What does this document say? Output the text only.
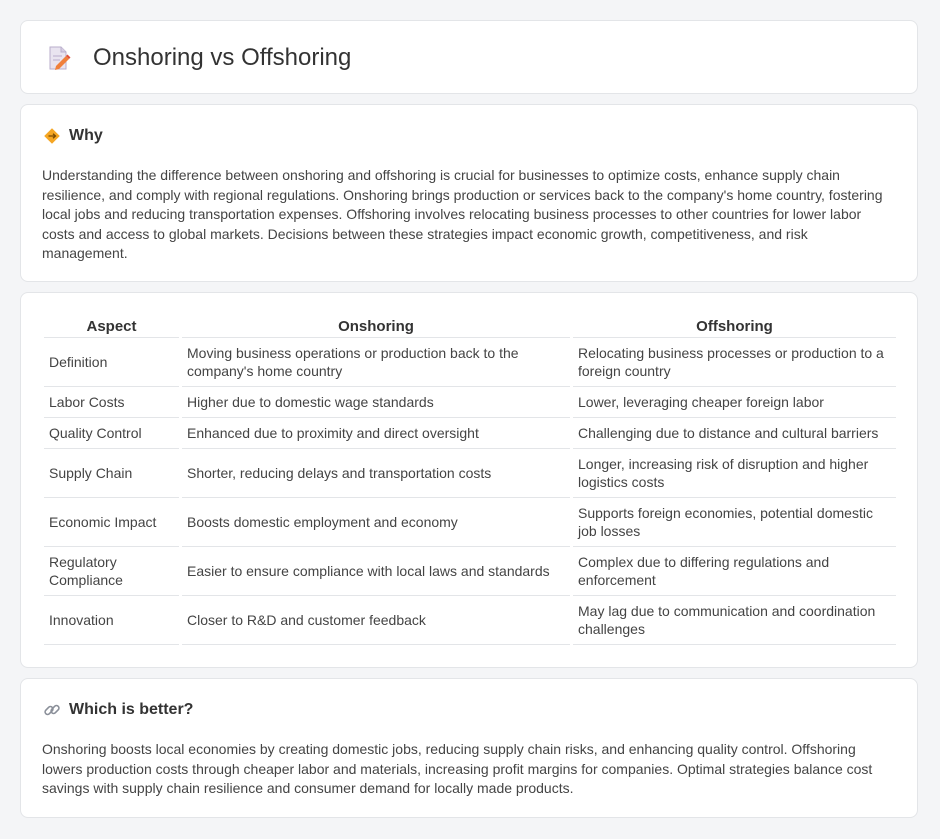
Onshoring vs Offshoring
Why

Understanding the difference between onshoring and offshoring is crucial for businesses to optimize costs, enhance supply chain resilience, and comply with regional regulations. Onshoring brings production or services back to the company's home country, fostering local jobs and reducing transportation expenses. Offshoring involves relocating business processes to other countries for lower labor costs and access to global markets. Decisions between these strategies impact economic growth, competitiveness, and risk management.

Aspect	Onshoring	Offshoring
Definition	Moving business operations or production back to the company's home country	Relocating business processes or production to a foreign country
Labor Costs	Higher due to domestic wage standards	Lower, leveraging cheaper foreign labor
Quality Control	Enhanced due to proximity and direct oversight	Challenging due to distance and cultural barriers
Supply Chain	Shorter, reducing delays and transportation costs	Longer, increasing risk of disruption and higher logistics costs
Economic Impact	Boosts domestic employment and economy	Supports foreign economies, potential domestic job losses
Regulatory Compliance	Easier to ensure compliance with local laws and standards	Complex due to differing regulations and enforcement
Innovation	Closer to R&D and customer feedback	May lag due to communication and coordination challenges
Which is better?

Onshoring boosts local economies by creating domestic jobs, reducing supply chain risks, and enhancing quality control. Offshoring lowers production costs through cheaper labor and materials, increasing profit margins for companies. Optimal strategies balance cost savings with supply chain resilience and consumer demand for locally made products.
